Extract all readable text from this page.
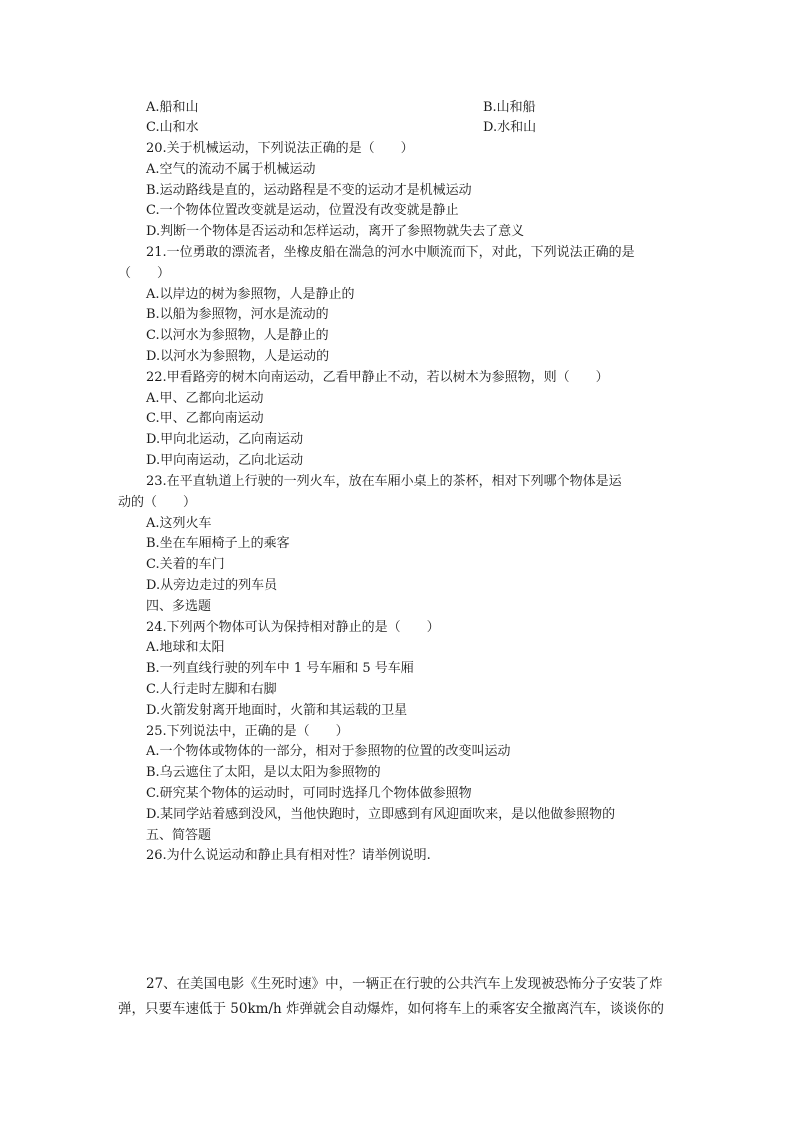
A.船和山	B.山和船
C.山和水	D.水和山
20.关于机械运动，下列说法正确的是（　　）
A.空气的流动不属于机械运动
B.运动路线是直的，运动路程是不变的运动才是机械运动
C.一个物体位置改变就是运动，位置没有改变就是静止
D.判断一个物体是否运动和怎样运动，离开了参照物就失去了意义
21.一位勇敢的漂流者，坐橡皮船在湍急的河水中顺流而下，对此，下列说法正确的是
（　　）
A.以岸边的树为参照物，人是静止的
B.以船为参照物，河水是流动的
C.以河水为参照物，人是静止的
D.以河水为参照物，人是运动的
22.甲看路旁的树木向南运动，乙看甲静止不动，若以树木为参照物，则（　　）
A.甲、乙都向北运动
C.甲、乙都向南运动
D.甲向北运动，乙向南运动
D.甲向南运动，乙向北运动
23.在平直轨道上行驶的一列火车，放在车厢小桌上的茶杯，相对下列哪个物体是运
动的（　　）
A.这列火车
B.坐在车厢椅子上的乘客
C.关着的车门
D.从旁边走过的列车员
四、多选题
24.下列两个物体可认为保持相对静止的是（　　）
A.地球和太阳
B.一列直线行驶的列车中 1 号车厢和 5 号车厢
C.人行走时左脚和右脚
D.火箭发射离开地面时，火箭和其运载的卫星
25.下列说法中，正确的是（　　）
A.一个物体或物体的一部分，相对于参照物的位置的改变叫运动
B.乌云遮住了太阳，是以太阳为参照物的
C.研究某个物体的运动时，可同时选择几个物体做参照物
D.某同学站着感到没风，当他快跑时，立即感到有风迎面吹来，是以他做参照物的
五、简答题
26.为什么说运动和静止具有相对性？请举例说明.
27、在美国电影《生死时速》中，一辆正在行驶的公共汽车上发现被恐怖分子安装了炸
弹，只要车速低于 50km/h 炸弹就会自动爆炸，如何将车上的乘客安全撤离汽车，谈谈你的
